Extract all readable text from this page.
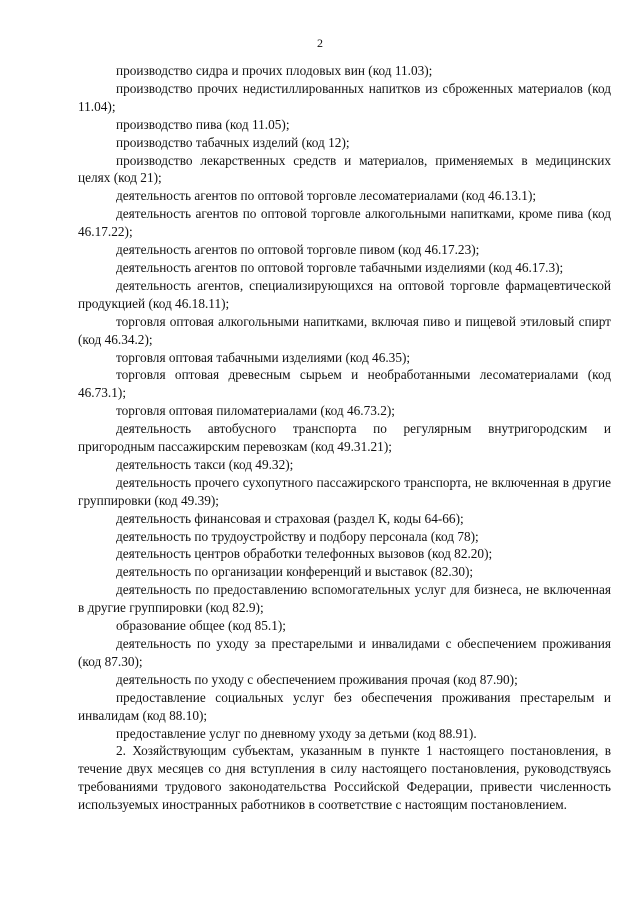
2

производство сидра и прочих плодовых вин (код 11.03);

производство прочих недистиллированных напитков из сброженных материалов (код 11.04);

производство пива (код 11.05);

производство табачных изделий (код 12);

производство лекарственных средств и материалов, применяемых в медицинских целях (код 21);

деятельность агентов по оптовой торговле лесоматериалами (код 46.13.1);

деятельность агентов по оптовой торговле алкогольными напитками, кроме пива (код 46.17.22);

деятельность агентов по оптовой торговле пивом (код 46.17.23);

деятельность агентов по оптовой торговле табачными изделиями (код 46.17.3);

деятельность агентов, специализирующихся на оптовой торговле фармацевтической продукцией (код 46.18.11);

торговля оптовая алкогольными напитками, включая пиво и пищевой этиловый спирт (код 46.34.2);

торговля оптовая табачными изделиями (код 46.35);

торговля оптовая древесным сырьем и необработанными лесоматериалами (код 46.73.1);

торговля оптовая пиломатериалами (код 46.73.2);

деятельность автобусного транспорта по регулярным внутригородским и пригородным пассажирским перевозкам (код 49.31.21);

деятельность такси (код 49.32);

деятельность прочего сухопутного пассажирского транспорта, не включенная в другие группировки (код 49.39);

деятельность финансовая и страховая (раздел К, коды 64-66);

деятельность по трудоустройству и подбору персонала (код 78);

деятельность центров обработки телефонных вызовов (код 82.20);

деятельность по организации конференций и выставок (82.30);

деятельность по предоставлению вспомогательных услуг для бизнеса, не включенная в другие группировки (код 82.9);

образование общее (код 85.1);

деятельность по уходу за престарелыми и инвалидами с обеспечением проживания (код 87.30);

деятельность по уходу с обеспечением проживания прочая (код 87.90);

предоставление социальных услуг без обеспечения проживания престарелым и инвалидам (код 88.10);

предоставление услуг по дневному уходу за детьми (код 88.91).

2. Хозяйствующим субъектам, указанным в пункте 1 настоящего постановления, в течение двух месяцев со дня вступления в силу настоящего постановления, руководствуясь требованиями трудового законодательства Российской Федерации, привести численность используемых иностранных работников в соответствие с настоящим постановлением.
